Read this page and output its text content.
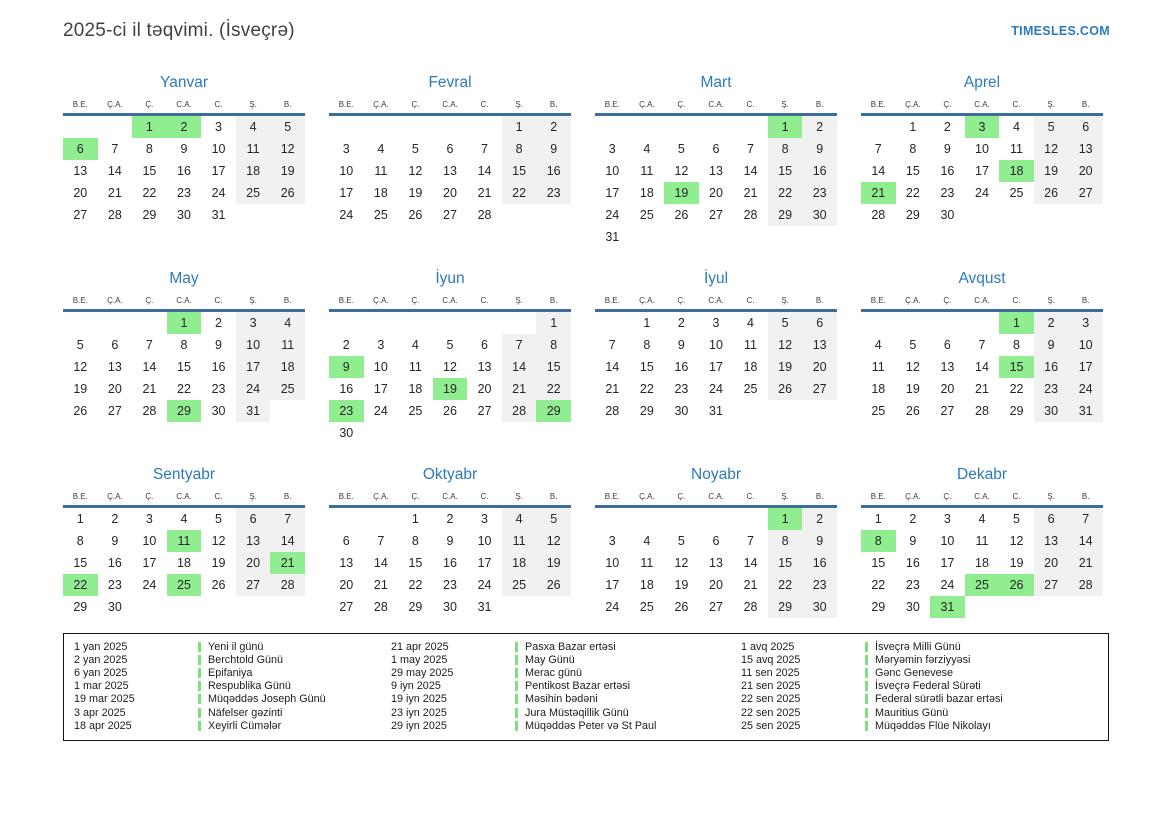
2025-ci il təqvimi. (İsveçrə)	TIMESLES.COM
Yanvar
B.E.	Ç.A.	Ç.	C.A.	C.	Ş.	B.
		1	2	3	4	5
6	7	8	9	10	11	12
13	14	15	16	17	18	19
20	21	22	23	24	25	26
27	28	29	30	31		
Fevral
B.E.	Ç.A.	Ç.	C.A.	C.	Ş.	B.
					1	2
3	4	5	6	7	8	9
10	11	12	13	14	15	16
17	18	19	20	21	22	23
24	25	26	27	28		
Mart
B.E.	Ç.A.	Ç.	C.A.	C.	Ş.	B.
					1	2
3	4	5	6	7	8	9
10	11	12	13	14	15	16
17	18	19	20	21	22	23
24	25	26	27	28	29	30
31						
Aprel
B.E.	Ç.A.	Ç.	C.A.	C.	Ş.	B.
	1	2	3	4	5	6
7	8	9	10	11	12	13
14	15	16	17	18	19	20
21	22	23	24	25	26	27
28	29	30				
May
B.E.	Ç.A.	Ç.	C.A.	C.	Ş.	B.
			1	2	3	4
5	6	7	8	9	10	11
12	13	14	15	16	17	18
19	20	21	22	23	24	25
26	27	28	29	30	31	
İyun
B.E.	Ç.A.	Ç.	C.A.	C.	Ş.	B.
						1
2	3	4	5	6	7	8
9	10	11	12	13	14	15
16	17	18	19	20	21	22
23	24	25	26	27	28	29
30						
İyul
B.E.	Ç.A.	Ç.	C.A.	C.	Ş.	B.
	1	2	3	4	5	6
7	8	9	10	11	12	13
14	15	16	17	18	19	20
21	22	23	24	25	26	27
28	29	30	31			
Avqust
B.E.	Ç.A.	Ç.	C.A.	C.	Ş.	B.
				1	2	3
4	5	6	7	8	9	10
11	12	13	14	15	16	17
18	19	20	21	22	23	24
25	26	27	28	29	30	31
Sentyabr
B.E.	Ç.A.	Ç.	C.A.	C.	Ş.	B.
1	2	3	4	5	6	7
8	9	10	11	12	13	14
15	16	17	18	19	20	21
22	23	24	25	26	27	28
29	30					
Oktyabr
B.E.	Ç.A.	Ç.	C.A.	C.	Ş.	B.
		1	2	3	4	5
6	7	8	9	10	11	12
13	14	15	16	17	18	19
20	21	22	23	24	25	26
27	28	29	30	31		
Noyabr
B.E.	Ç.A.	Ç.	C.A.	C.	Ş.	B.
					1	2
3	4	5	6	7	8	9
10	11	12	13	14	15	16
17	18	19	20	21	22	23
24	25	26	27	28	29	30
Dekabr
B.E.	Ç.A.	Ç.	C.A.	C.	Ş.	B.
1	2	3	4	5	6	7
8	9	10	11	12	13	14
15	16	17	18	19	20	21
22	23	24	25	26	27	28
29	30	31				
1 yan 2025	Yeni il günü
2 yan 2025	Berchtold Günü
6 yan 2025	Epifaniya
1 mar 2025	Respublika Günü
19 mar 2025	Müqəddəs Joseph Günü
3 apr 2025	Näfelser gəzinti
18 apr 2025	Xeyirli Cümələr
21 apr 2025	Pasxa Bazar ertəsi
1 may 2025	May Günü
29 may 2025	Merac günü
9 iyn 2025	Pentikost Bazar ertəsi
19 iyn 2025	Məsihin bədəni
23 iyn 2025	Jura Müstəqillik Günü
29 iyn 2025	Müqəddəs Peter və St Paul
1 avq 2025	İsveçrə Milli Günü
15 avq 2025	Məryəmin fərziyyəsi
11 sen 2025	Gənc Genevese
21 sen 2025	İsveçrə Federal Sürəti
22 sen 2025	Federal sürətli bazar ertəsi
22 sen 2025	Mauritius Günü
25 sen 2025	Müqəddəs Flüe Nikolayı
